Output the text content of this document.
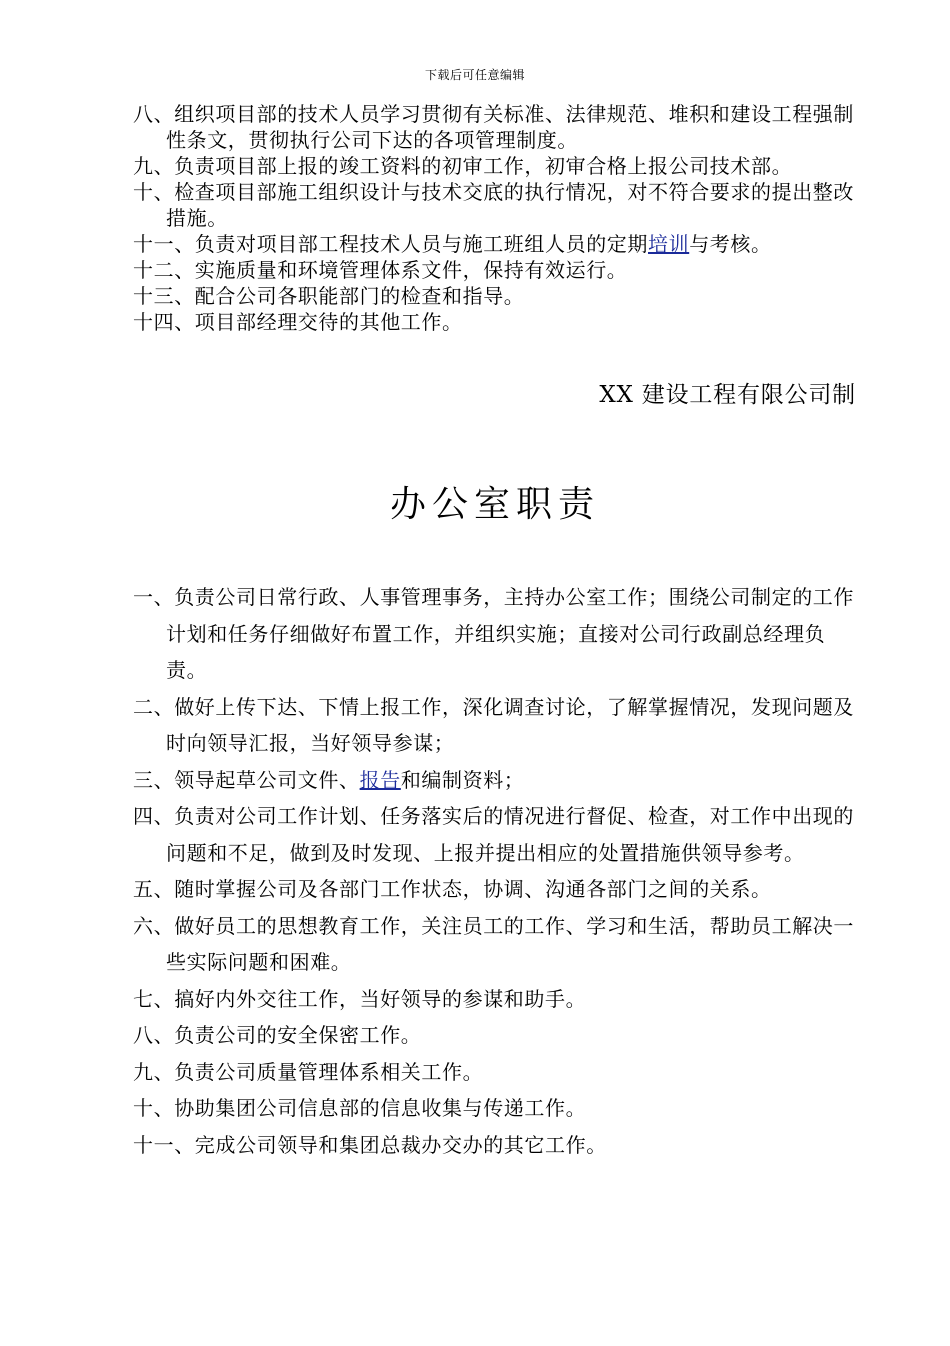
下载后可任意编辑
八、组织项目部的技术人员学习贯彻有关标准、法律规范、堆积和建设工程强制性条文，贯彻执行公司下达的各项管理制度。
九、负责项目部上报的竣工资料的初审工作，初审合格上报公司技术部。
十、检查项目部施工组织设计与技术交底的执行情况，对不符合要求的提出整改措施。
十一、负责对项目部工程技术人员与施工班组人员的定期培训与考核。
十二、实施质量和环境管理体系文件，保持有效运行。
十三、配合公司各职能部门的检查和指导。
十四、项目部经理交待的其他工作。
XX 建设工程有限公司制
办公室职责
一、负责公司日常行政、人事管理事务，主持办公室工作；围绕公司制定的工作计划和任务仔细做好布置工作，并组织实施；直接对公司行政副总经理负责。
二、做好上传下达、下情上报工作，深化调查讨论，了解掌握情况，发现问题及时向领导汇报，当好领导参谋；
三、领导起草公司文件、报告和编制资料；
四、负责对公司工作计划、任务落实后的情况进行督促、检查，对工作中出现的问题和不足，做到及时发现、上报并提出相应的处置措施供领导参考。
五、随时掌握公司及各部门工作状态，协调、沟通各部门之间的关系。
六、做好员工的思想教育工作，关注员工的工作、学习和生活，帮助员工解决一些实际问题和困难。
七、搞好内外交往工作，当好领导的参谋和助手。
八、负责公司的安全保密工作。
九、负责公司质量管理体系相关工作。
十、协助集团公司信息部的信息收集与传递工作。
十一、完成公司领导和集团总裁办交办的其它工作。
